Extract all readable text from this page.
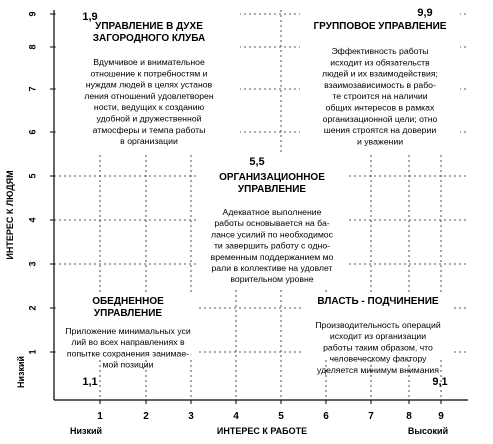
1
2
3
4
5
6
7
8
9
1	2	3	4	5	6	7	8	9
ИНТЕРЕС К ЛЮДЯМ
Низкий
ИНТЕРЕС К РАБОТЕ
Низкий	Высокий
1,9
УПРАВЛЕНИЕ В ДУХЕ
ЗАГОРОДНОГО КЛУБА
Вдумчивое и внимательное
отношение к потребностям и
нуждам людей в целях установ
ления отношений удовлетворен
ности, ведущих к созданию
удобной и дружественной
атмосферы и темпа работы
в организации
9,9
ГРУППОВОЕ УПРАВЛЕНИЕ
Эффективность работы
исходит из обязательств
людей и их взаимодействия;
взаимозависимость в рабо-
те строится на наличии
общих интересов в рамках
организационной цели; отно
шения строятся на доверии
и уважении
5,5
ОРГАНИЗАЦИОННОЕ
УПРАВЛЕНИЕ
Адекватное выполнение
работы основывается на ба-
лансе усилий по необходимос
ти завершить работу с одно-
временным поддержанием мо
рали в коллективе на удовлет
ворительном уровне
1,1
ОБЕДНЕННОЕ
УПРАВЛЕНИЕ
Приложение минимальных уси
лий во всех направлениях в
попытке сохранения занимае-
мой позиции
9,1
ВЛАСТЬ - ПОДЧИНЕНИЕ
Производительность операций
исходит из организации
работы таким образом, что
человеческому фактору
уделяется минимум внимания
